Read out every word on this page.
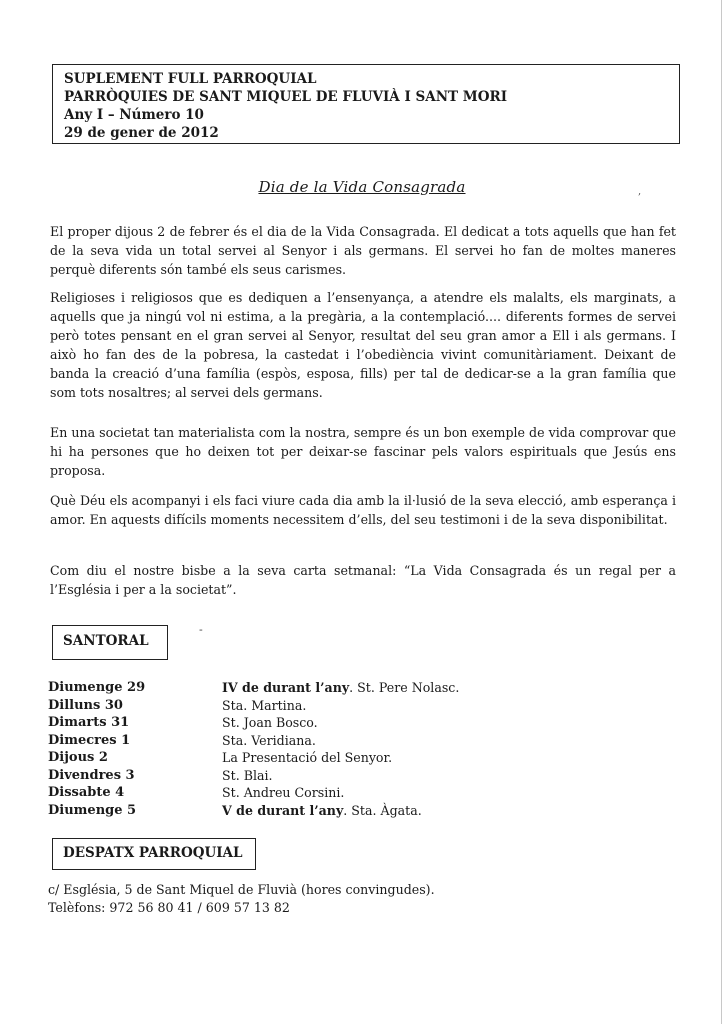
SUPLEMENT FULL PARROQUIAL
PARRÒQUIES DE SANT MIQUEL DE FLUVIÀ I SANT MORI
Any I – Número 10
29 de gener de 2012
Dia de la Vida Consagrada	,

El proper dijous 2 de febrer és el dia de la Vida Consagrada. El dedicat a tots aquells que han fet de la seva vida un total servei al Senyor i als germans. El servei ho fan de moltes maneres perquè diferents són també els seus carismes.

Religioses i religiosos que es dediquen a l’ensenyança, a atendre els malalts, els marginats, a aquells que ja ningú vol ni estima, a la pregària, a la contemplació.... diferents formes de servei però totes pensant en el gran servei al Senyor, resultat del seu gran amor a Ell i als germans. I això ho fan des de la pobresa, la castedat i l’obediència vivint comunitàriament. Deixant de banda la creació d’una família (espòs, esposa, fills) per tal de dedicar-se a la gran família que som tots nosaltres; al servei dels germans.

En una societat tan materialista com la nostra, sempre és un bon exemple de vida comprovar que hi ha persones que ho deixen tot per deixar-se fascinar pels valors espirituals que Jesús ens proposa.

Què Déu els acompanyi i els faci viure cada dia amb la il·lusió de la seva elecció, amb esperança i amor. En aquests difícils moments necessitem d’ells, del seu testimoni i de la seva disponibilitat.

Com diu el nostre bisbe a la seva carta setmanal: “La Vida Consagrada és un regal per a l’Església i per a la societat”.

SANTORAL
-
Diumenge 29	IV de durant l’any. St. Pere Nolasc.
Dilluns 30	Sta. Martina.
Dimarts 31	St. Joan Bosco.
Dimecres 1	Sta. Veridiana.
Dijous 2	La Presentació del Senyor.
Divendres 3	St. Blai.
Dissabte 4	St. Andreu Corsini.
Diumenge 5	V de durant l’any. Sta. Àgata.
DESPATX PARROQUIAL
c/ Església, 5 de Sant Miquel de Fluvià (hores convingudes).
Telèfons: 972 56 80 41 / 609 57 13 82
